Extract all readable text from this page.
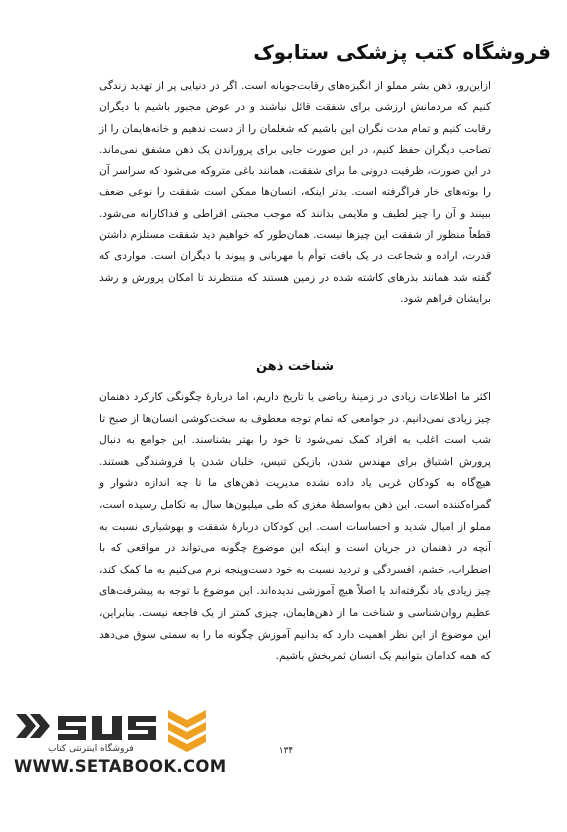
فروشگاه کتب پزشکی ستابوک
ازاین‌رو، ذهن بشر مملو از انگیزه‌های رقابت‌جویانه است. اگر در دنیایی پر از تهدید زندگی کنیم که مردمانش ارزشی برای شفقت قائل نباشند و در عوض مجبور باشیم با دیگران رقابت کنیم و تمام مدت نگران این باشیم که شغلمان را از دست ندهیم و خانه‌هایمان را از تصاحب دیگران حفظ کنیم، در این صورت جایی برای پروراندن یک ذهن مشفق نمی‌ماند. در این صورت، ظرفیت درونی ما برای شفقت، همانند باغی متروکه می‌شود که سراسر آن را بوته‌های خار فراگرفته است. بدتر اینکه، انسان‌ها ممکن است شفقت را نوعی ضعف ببینند و آن را چیز لطیف و ملایمی بدانند که موجب مجبتی افراطی و فداکارانه می‌شود. قطعاً منظور از شفقت این چیزها نیست. همان‌طور که خواهیم دید شفقت مستلزم داشتن قدرت، اراده و شجاعت در یک بافت توأم با مهربانی و پیوند با دیگران است. مواردی که گفته شد همانند بذرهای کاشته شده در زمین هستند که منتظرند تا امکان پرورش و رشد برایشان فراهم شود.
شناخت ذهن
اکثر ما اطلاعات زیادی در زمینهٔ ریاضی یا تاریخ داریم، اما دربارهٔ چگونگی کارکرد ذهنمان چیز زیادی نمی‌دانیم. در جوامعی که تمام توجه معطوف به سخت‌کوشی انسان‌ها از صبح تا شب است اغلب به افراد کمک نمی‌شود تا خود را بهتر بشناسند. این جوامع به دنبال پرورش اشتیاق برای مهندس شدن، بازیکن تنیس، خلبان شدن یا فروشندگی هستند. هیچ‌گاه به کودکان غربی یاد داده نشده مدیریت ذهن‌های ما تا چه اندازه دشوار و گمراه‌کننده است. این ذهن به‌واسطهٔ مغزی که طی میلیون‌ها سال به تکامل رسیده است، مملو از امیال شدید و احساسات است. این کودکان دربارهٔ شفقت و بهوشیاری نسبت به آنچه در ذهنمان در جریان است و اینکه این موضوع چگونه می‌تواند در مواقعی که با اضطراب، خشم، افسردگی و تردید نسبت به خود دست‌وپنجه نرم می‌کنیم به ما کمک کند، چیز زیادی یاد نگرفته‌اند یا اصلاً هیچ آموزشی ندیده‌اند. این موضوع با توجه به پیشرفت‌های عظیم روان‌شناسی و شناخت ما از ذهن‌هایمان، چیزی کمتر از یک فاجعه نیست. بنابراین، این موضوع از این نظر اهمیت دارد که بدانیم آموزش چگونه ما را به سمتی سوق می‌دهد که همه کدامان بتوانیم یک انسان ثمربخش باشیم.
۱۳۴
فروشگاه اینترنتی کتاب
WWW.SETABOOK.COM
